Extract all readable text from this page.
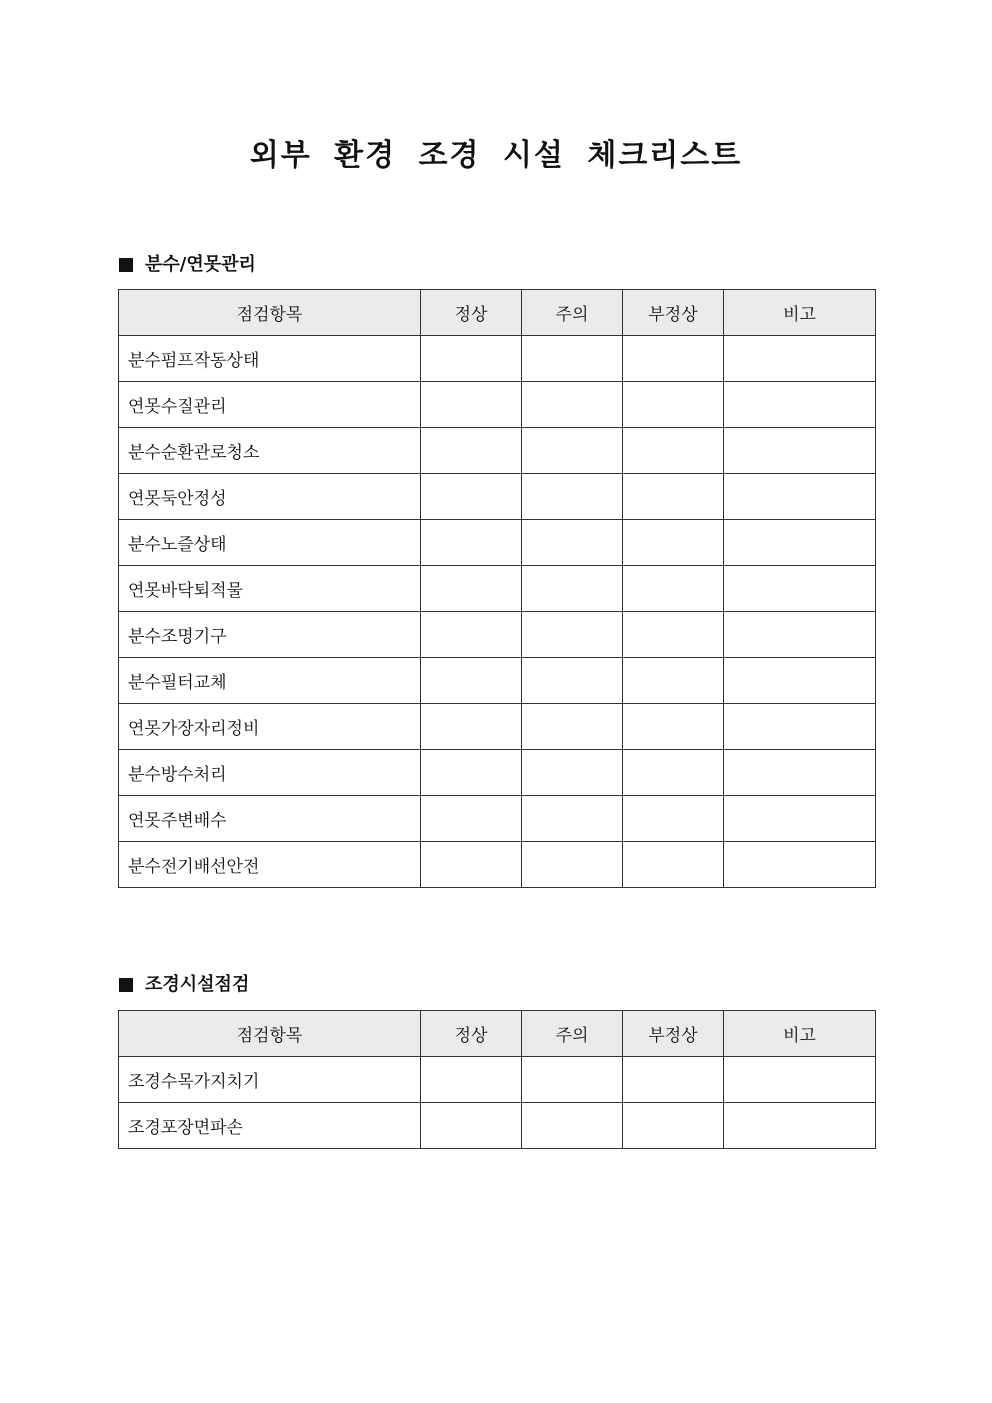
외부 환경 조경 시설 체크리스트
분수/연못관리
점검항목	정상	주의	부정상	비고
분수펌프작동상태				
연못수질관리				
분수순환관로청소				
연못둑안정성				
분수노즐상태				
연못바닥퇴적물				
분수조명기구				
분수필터교체				
연못가장자리정비				
분수방수처리				
연못주변배수				
분수전기배선안전				
조경시설점검
점검항목	정상	주의	부정상	비고
조경수목가지치기				
조경포장면파손				
